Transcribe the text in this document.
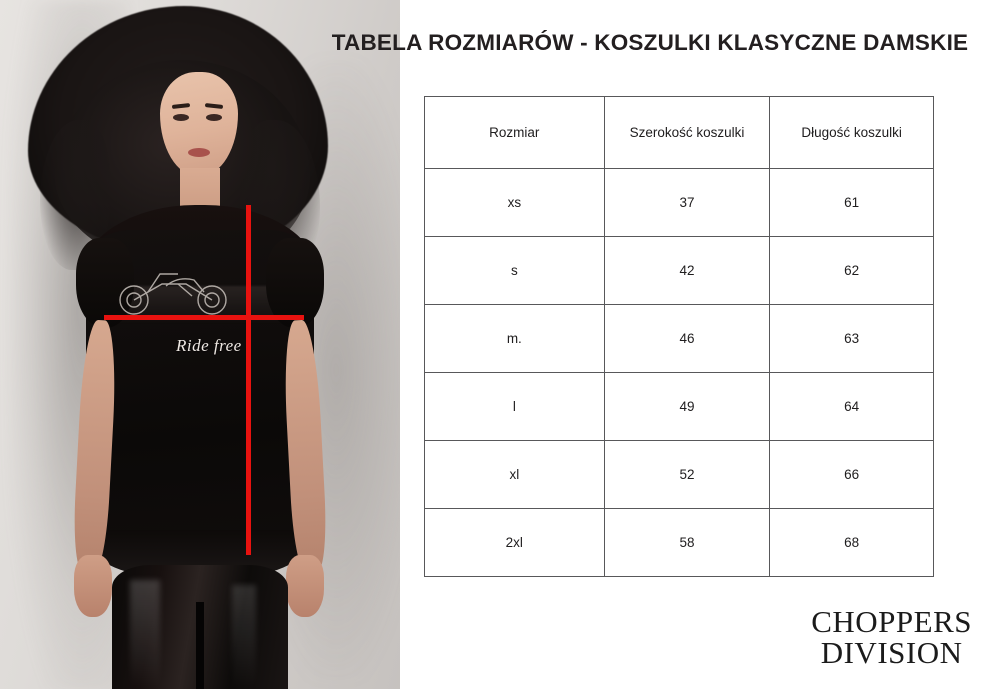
Ride free
TABELA ROZMIARÓW - KOSZULKI KLASYCZNE DAMSKIE
Rozmiar	Szerokość koszulki	Długość koszulki
xs	37	61
s	42	62
m.	46	63
l	49	64
xl	52	66
2xl	58	68
CHOPPERS
DIVISION
